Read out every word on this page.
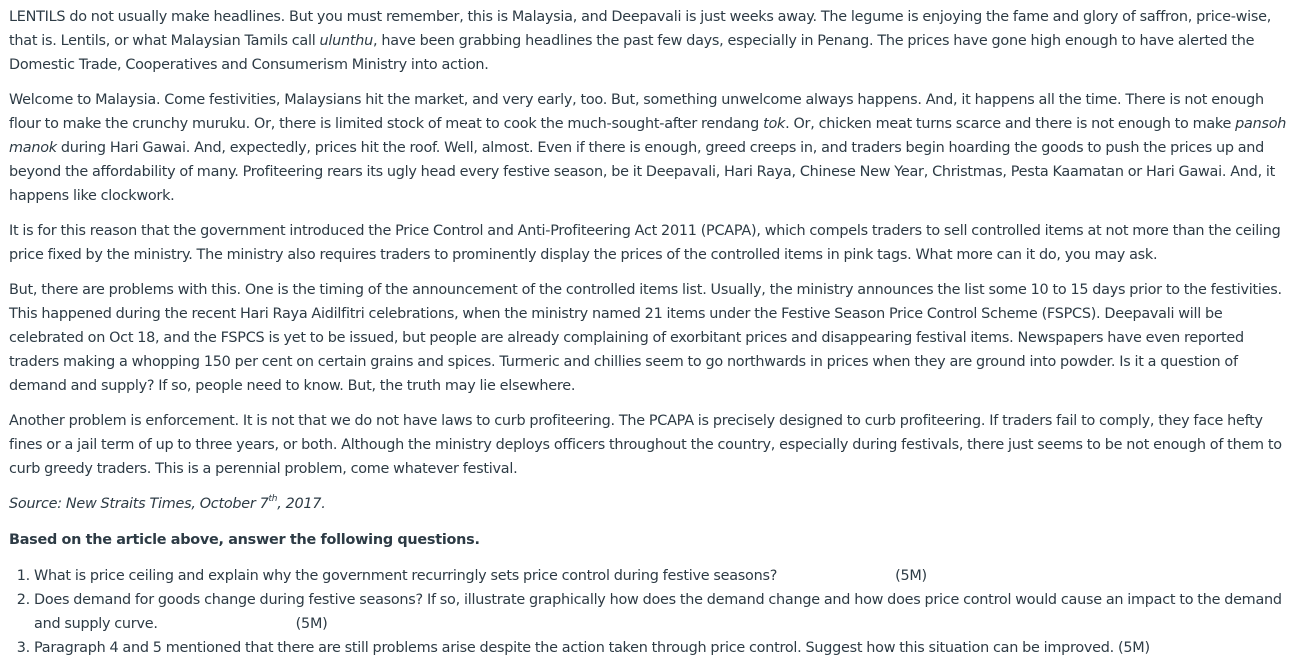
LENTILS do not usually make headlines. But you must remember, this is Malaysia, and Deepavali is just weeks away. The legume is enjoying the fame and glory of saffron, price-wise, that is. Lentils, or what Malaysian Tamils call ulunthu, have been grabbing headlines the past few days, especially in Penang. The prices have gone high enough to have alerted the Domestic Trade, Cooperatives and Consumerism Ministry into action.

Welcome to Malaysia. Come festivities, Malaysians hit the market, and very early, too. But, something unwelcome always happens. And, it happens all the time. There is not enough flour to make the crunchy muruku. Or, there is limited stock of meat to cook the much-sought-after rendang tok. Or, chicken meat turns scarce and there is not enough to make pansoh manok during Hari Gawai. And, expectedly, prices hit the roof. Well, almost. Even if there is enough, greed creeps in, and traders begin hoarding the goods to push the prices up and beyond the affordability of many. Profiteering rears its ugly head every festive season, be it Deepavali, Hari Raya, Chinese New Year, Christmas, Pesta Kaamatan or Hari Gawai. And, it happens like clockwork.

It is for this reason that the government introduced the Price Control and Anti-Profiteering Act 2011 (PCAPA), which compels traders to sell controlled items at not more than the ceiling price fixed by the ministry. The ministry also requires traders to prominently display the prices of the controlled items in pink tags. What more can it do, you may ask.

But, there are problems with this. One is the timing of the announcement of the controlled items list. Usually, the ministry announces the list some 10 to 15 days prior to the festivities. This happened during the recent Hari Raya Aidilfitri celebrations, when the ministry named 21 items under the Festive Season Price Control Scheme (FSPCS). Deepavali will be celebrated on Oct 18, and the FSPCS is yet to be issued, but people are already complaining of exorbitant prices and disappearing festival items. Newspapers have even reported traders making a whopping 150 per cent on certain grains and spices. Turmeric and chillies seem to go northwards in prices when they are ground into powder. Is it a question of demand and supply? If so, people need to know. But, the truth may lie elsewhere.

Another problem is enforcement. It is not that we do not have laws to curb profiteering. The PCAPA is precisely designed to curb profiteering. If traders fail to comply, they face hefty fines or a jail term of up to three years, or both. Although the ministry deploys officers throughout the country, especially during festivals, there just seems to be not enough of them to curb greedy traders. This is a perennial problem, come whatever festival.

Source: New Straits Times, October 7th, 2017.

Based on the article above, answer the following questions.

1. What is price ceiling and explain why the government recurringly sets price control during festive seasons?	(5M)
2. Does demand for goods change during festive seasons? If so, illustrate graphically how does the demand change and how does price control would cause an impact to the demand and supply curve.	(5M)
3. Paragraph 4 and 5 mentioned that there are still problems arise despite the action taken through price control. Suggest how this situation can be improved. (5M)
